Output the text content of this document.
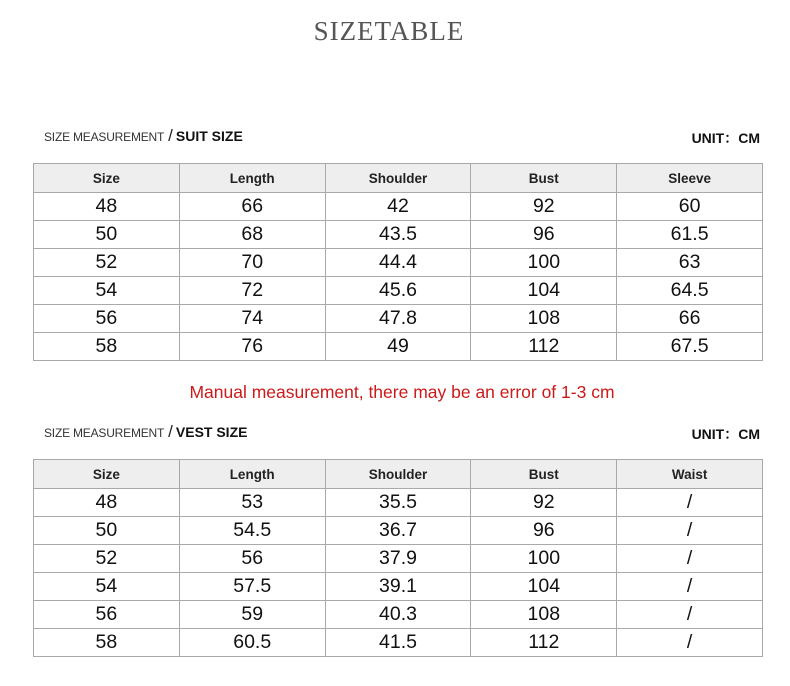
SIZETABLE
SIZE MEASUREMENT / SUIT SIZE	UNIT：CM
Size	Length	Shoulder	Bust	Sleeve
48	66	42	92	60
50	68	43.5	96	61.5
52	70	44.4	100	63
54	72	45.6	104	64.5
56	74	47.8	108	66
58	76	49	112	67.5
Manual measurement, there may be an error of 1-3 cm
SIZE MEASUREMENT / VEST SIZE	UNIT：CM
Size	Length	Shoulder	Bust	Waist
48	53	35.5	92	/
50	54.5	36.7	96	/
52	56	37.9	100	/
54	57.5	39.1	104	/
56	59	40.3	108	/
58	60.5	41.5	112	/
